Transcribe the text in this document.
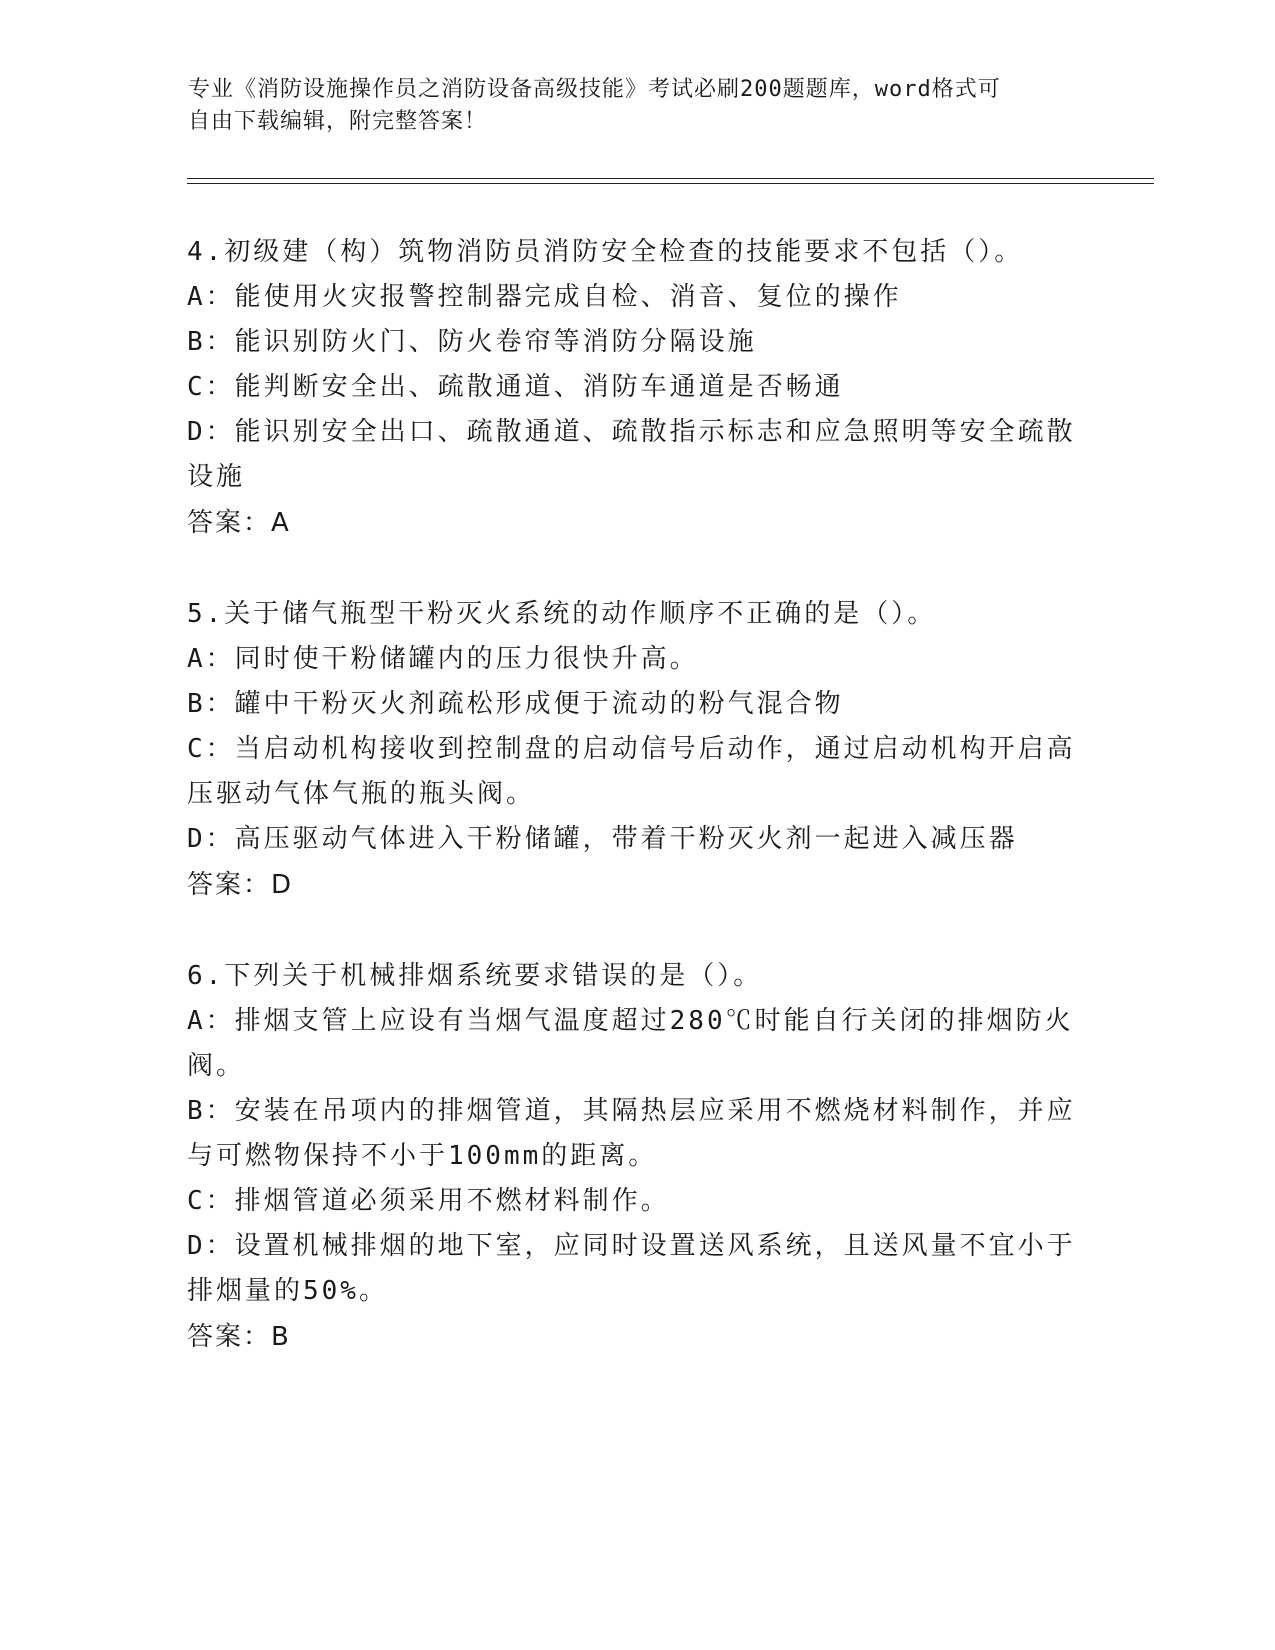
专业《消防设施操作员之消防设备高级技能》考试必刷200题题库，word格式可
自由下载编辑，附完整答案！
4.初级建（构）筑物消防员消防安全检查的技能要求不包括（）。
A：能使用火灾报警控制器完成自检、消音、复位的操作
B：能识别防火门、防火卷帘等消防分隔设施
C：能判断安全出、疏散通道、消防车通道是否畅通
D：能识别安全出口、疏散通道、疏散指示标志和应急照明等安全疏散
设施
答案：A
5.关于储气瓶型干粉灭火系统的动作顺序不正确的是（）。
A：同时使干粉储罐内的压力很快升高。
B：罐中干粉灭火剂疏松形成便于流动的粉气混合物
C：当启动机构接收到控制盘的启动信号后动作，通过启动机构开启高
压驱动气体气瓶的瓶头阀。
D：高压驱动气体进入干粉储罐，带着干粉灭火剂一起进入减压器
答案：D
6.下列关于机械排烟系统要求错误的是（）。
A：排烟支管上应设有当烟气温度超过280℃时能自行关闭的排烟防火
阀。
B：安装在吊项内的排烟管道，其隔热层应采用不燃烧材料制作，并应
与可燃物保持不小于100mm的距离。
C：排烟管道必须采用不燃材料制作。
D：设置机械排烟的地下室，应同时设置送风系统，且送风量不宜小于
排烟量的50%。
答案：B
